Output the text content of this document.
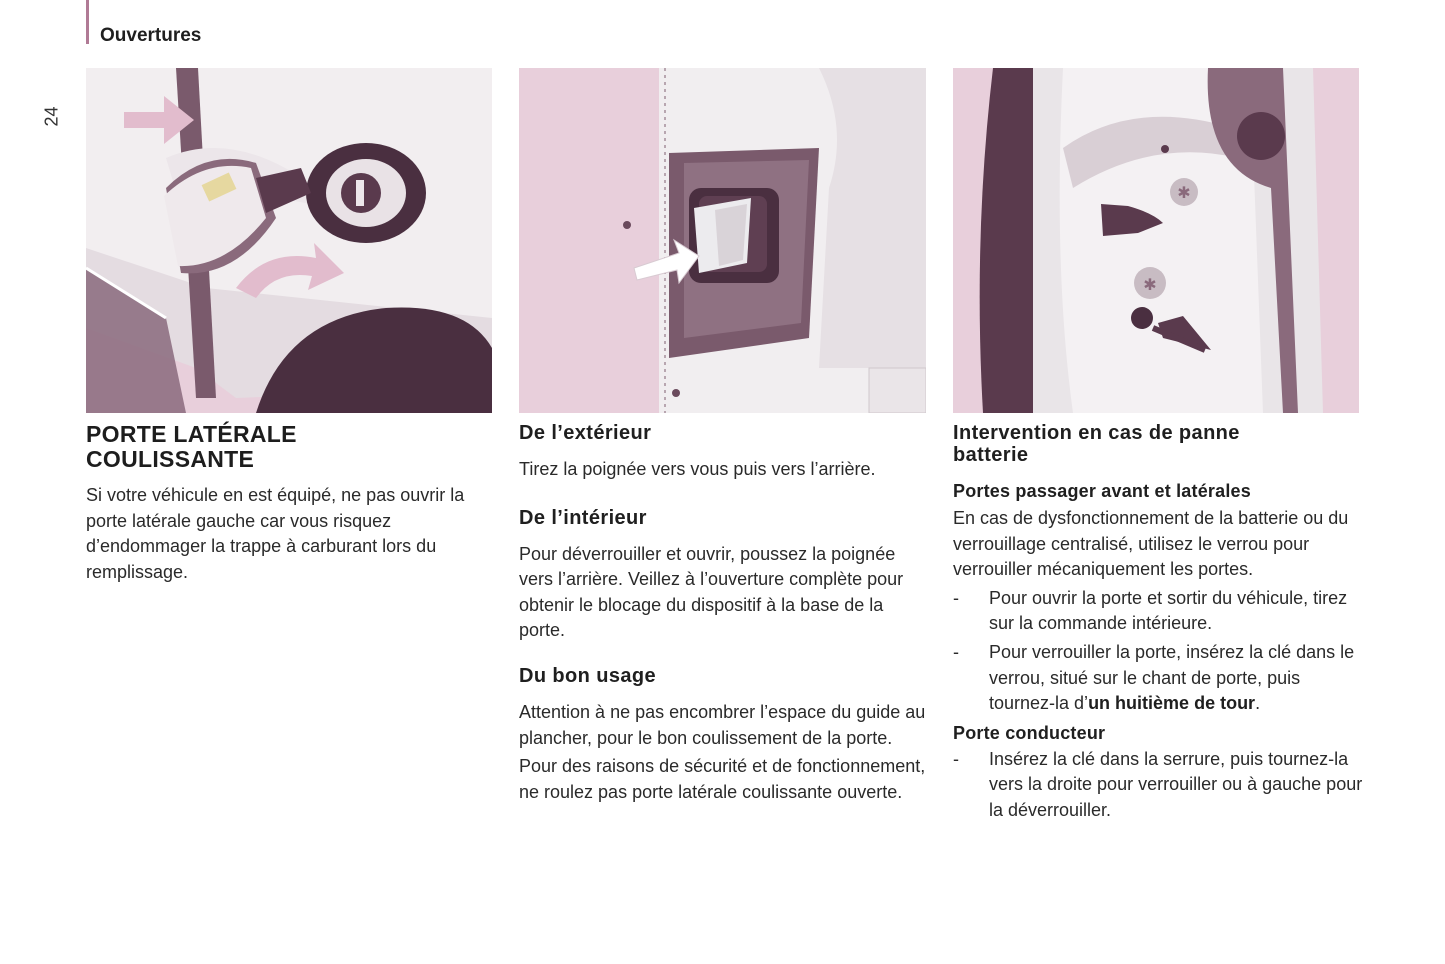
Ouvertures
24
✱
✱
PORTE LATÉRALE
COULISSANTE

Si votre véhicule en est équipé, ne pas ouvrir la porte latérale gauche car vous risquez d’endommager la trappe à carburant lors du remplissage.

De l’extérieur

Tirez la poignée vers vous puis vers l’arrière.

De l’intérieur

Pour déverrouiller et ouvrir, poussez la poignée vers l’arrière. Veillez à l’ouverture complète pour obtenir le blocage du dispositif à la base de la porte.

Du bon usage

Attention à ne pas encombrer l’espace du guide au plancher, pour le bon coulissement de la porte.

Pour des raisons de sécurité et de fonctionnement, ne roulez pas porte latérale coulissante ouverte.

Intervention en cas de panne
batterie
Portes passager avant et latérales

En cas de dysfonctionnement de la batterie ou du verrouillage centralisé, utilisez le verrou pour verrouiller mécaniquement les portes.

- Pour ouvrir la porte et sortir du véhicule, tirez sur la commande intérieure.
- Pour verrouiller la porte, insérez la clé dans le verrou, situé sur le chant de porte, puis tournez-la d’un huitième de tour.
Porte conducteur
- Insérez la clé dans la serrure, puis tournez-la vers la droite pour verrouiller ou à gauche pour la déverrouiller.
